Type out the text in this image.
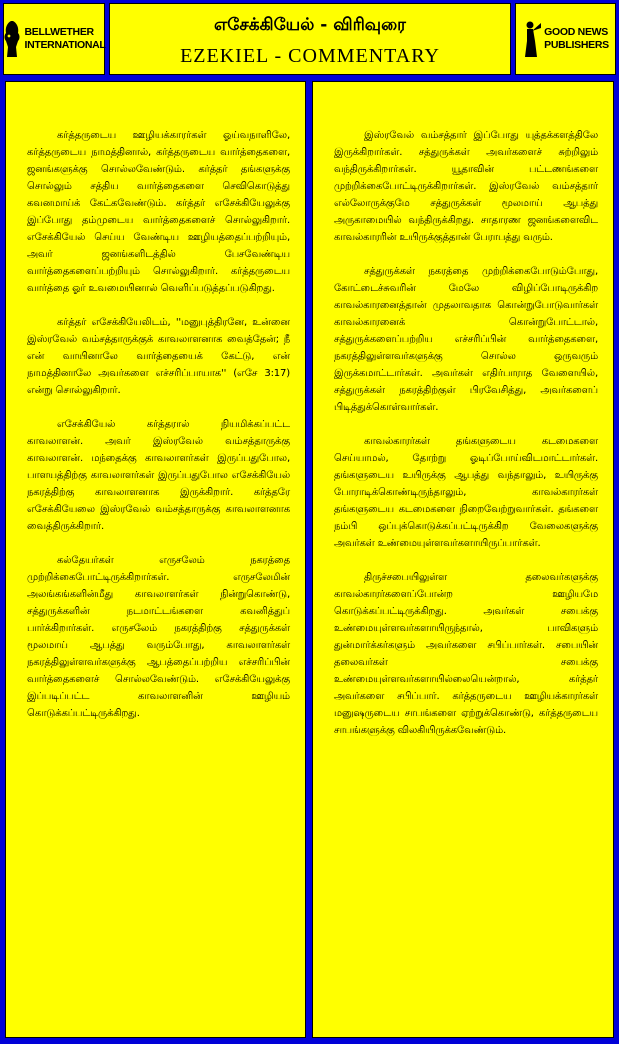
BELLWETHER
INTERNATIONAL
எசேக்கியேல் - விரிவுரை
EZEKIEL - COMMENTARY
GOOD NEWS
PUBLISHERS

கர்த்தருடைய ஊழியக்காரர்கள் ஓய்வநாளிலே, கர்த்தருடைய நாமத்தினால், கர்த்தருடைய வார்த்தைகளை, ஜனங்களுக்கு சொல்லவேண்டும். கர்த்தர் தங்களுக்கு சொல்லும் சத்திய வார்த்தைகளை செவிகொடுத்து கவனமாய்க் கேட்கவேண்டும். கர்த்தர் எசேக்கியேலுக்கு இப்போது தம்முடைய வார்த்தைகளைச் சொல்லுகிறார். எசேக்கியேல் செய்ய வேண்டிய ஊழியத்தைப்பற்றியும், அவர் ஜனங்களிடத்தில் பேசவேண்டிய வார்த்தைகளைப்பற்றியும் சொல்லுகிறார். கர்த்தருடைய வார்த்தை ஓர் உவமையினால் வெளிப்படுத்தப்படுகிறது.

கர்த்தர் எசேக்கியேலிடம், ''மனுபுத்திரனே, உன்னை இஸ்ரவேல் வம்சத்தாருக்குக் காவலாளனாக வைத்தேன்; நீ என் வாயினாலே வார்த்தையைக் கேட்டு, என் நாமத்தினாலே அவர்களை எச்சரிப்பாயாக'' (எசே 3:17) என்று சொல்லுகிறார்.

எசேக்கியேல் கர்த்தரால் நியமிக்கப்பட்ட காவலாளன். அவர் இஸ்ரவேல் வம்சத்தாருக்கு காவலாளன். மந்தைக்கு காவலாளர்கள் இருப்பதுபோல, பாளயத்திற்கு காவலாளர்கள் இருப்பதுபோல எசேக்கியேல் நகரத்திற்கு காவலாளனாக இருக்கிறார். கர்த்தரே எசேக்கியேலை இஸ்ரவேல் வம்சத்தாருக்கு காவலாளனாக வைத்திருக்கிறார்.

கல்தேயர்கள் எருசலேம் நகரத்தை முற்றிக்கைபோட்டிருக்கிறார்கள். எருசலேமின் அலங்கங்களின்மீது காவலாளர்கள் நின்றுகொண்டு, சத்துருக்களின் நடமாட்டங்களை கவனித்துப் பார்க்கிறார்கள். எருசலேம் நகரத்திற்கு சத்துருக்கள் மூலமாய் ஆபத்து வரும்போது, காவலாளர்கள் நகரத்திலுள்ளவர்களுக்கு ஆபத்தைப்பற்றிய எச்சரிப்பின் வார்த்தைகளைச் சொல்லவேண்டும். எசேக்கியேலுக்கு இப்படிப்பட்ட காவலாளனின் ஊழியம் கொடுக்கப்பட்டிருக்கிறது.

இஸ்ரவேல் வம்சத்தார் இப்போது யுத்தக்களத்திலே இருக்கிறார்கள். சத்துருக்கள் அவர்களைச் சுற்றிலும் வந்திருக்கிறார்கள். யூதாவின் பட்டணங்களை முற்றிக்கைபோட்டிருக்கிறார்கள். இஸ்ரவேல் வம்சத்தார் எல்லோருக்குமே சத்துருக்கள் மூலமாய் ஆபத்து அருகாமையில் வந்திருக்கிறது. சாதாரண ஜனங்களைவிட காவல்காரரின் உயிருக்குத்தான் பேராபத்து வரும்.

சத்துருக்கள் நகரத்தை முற்றிக்கைபோடும்போது, கோட்டைச்சுவரின் மேலே விழிப்போடிருக்கிற காவல்காரனைத்தான் முதலாவதாக கொன்றுபோடுவார்கள் காவல்காரனைக் கொன்றுபோட்டால், சத்துருக்களைப்பற்றிய எச்சரிப்பின் வார்த்தைகளை, நகரத்திலுள்ளவர்களுக்கு சொல்ல ஒருவரும் இருக்கமாட்டார்கள். அவர்கள் எதிர்பாராத வேளையில், சத்துருக்கள் நகரத்திற்குள் பிரவேசித்து, அவர்களைப் பிடித்துக்கொள்வார்கள்.

காவல்காரர்கள் தங்களுடைய கடமைகளை செய்யாமல், தோற்று ஓடிப்போய்விடமாட்டார்கள். தங்களுடைய உயிருக்கு ஆபத்து வந்தாலும், உயிருக்கு போராடிக்கொண்டிருந்தாலும், காவல்காரர்கள் தங்களுடைய கடமைகளை நிறைவேற்றுவார்கள். தங்களை நம்பி ஒப்புக்கொடுக்கப்பட்டிருக்கிற வேலைகளுக்கு அவர்கள் உண்மையுள்ளவர்களாயிருப்பார்கள்.

திருச்சபையிலுள்ள தலைவர்களுக்கு காவல்காரர்களைப்போன்ற ஊழியமே கொடுக்கப்பட்டிருக்கிறது. அவர்கள் சபைக்கு உண்மையுள்ளவர்களாயிருந்தால், பாவிகளும் துன்மார்க்கர்களும் அவர்களை சபிப்பார்கள். சபையின் தலைவர்கள் சபைக்கு உண்மையுள்ளவர்களாயில்லையென்றால், கர்த்தர் அவர்களை சபிப்பார். கர்த்தருடைய ஊழியக்காரர்கள் மனுஷருடைய சாபங்களை ஏற்றுக்கொண்டு, கர்த்தருடைய சாபங்களுக்கு விலகியிருக்கவேண்டும்.
